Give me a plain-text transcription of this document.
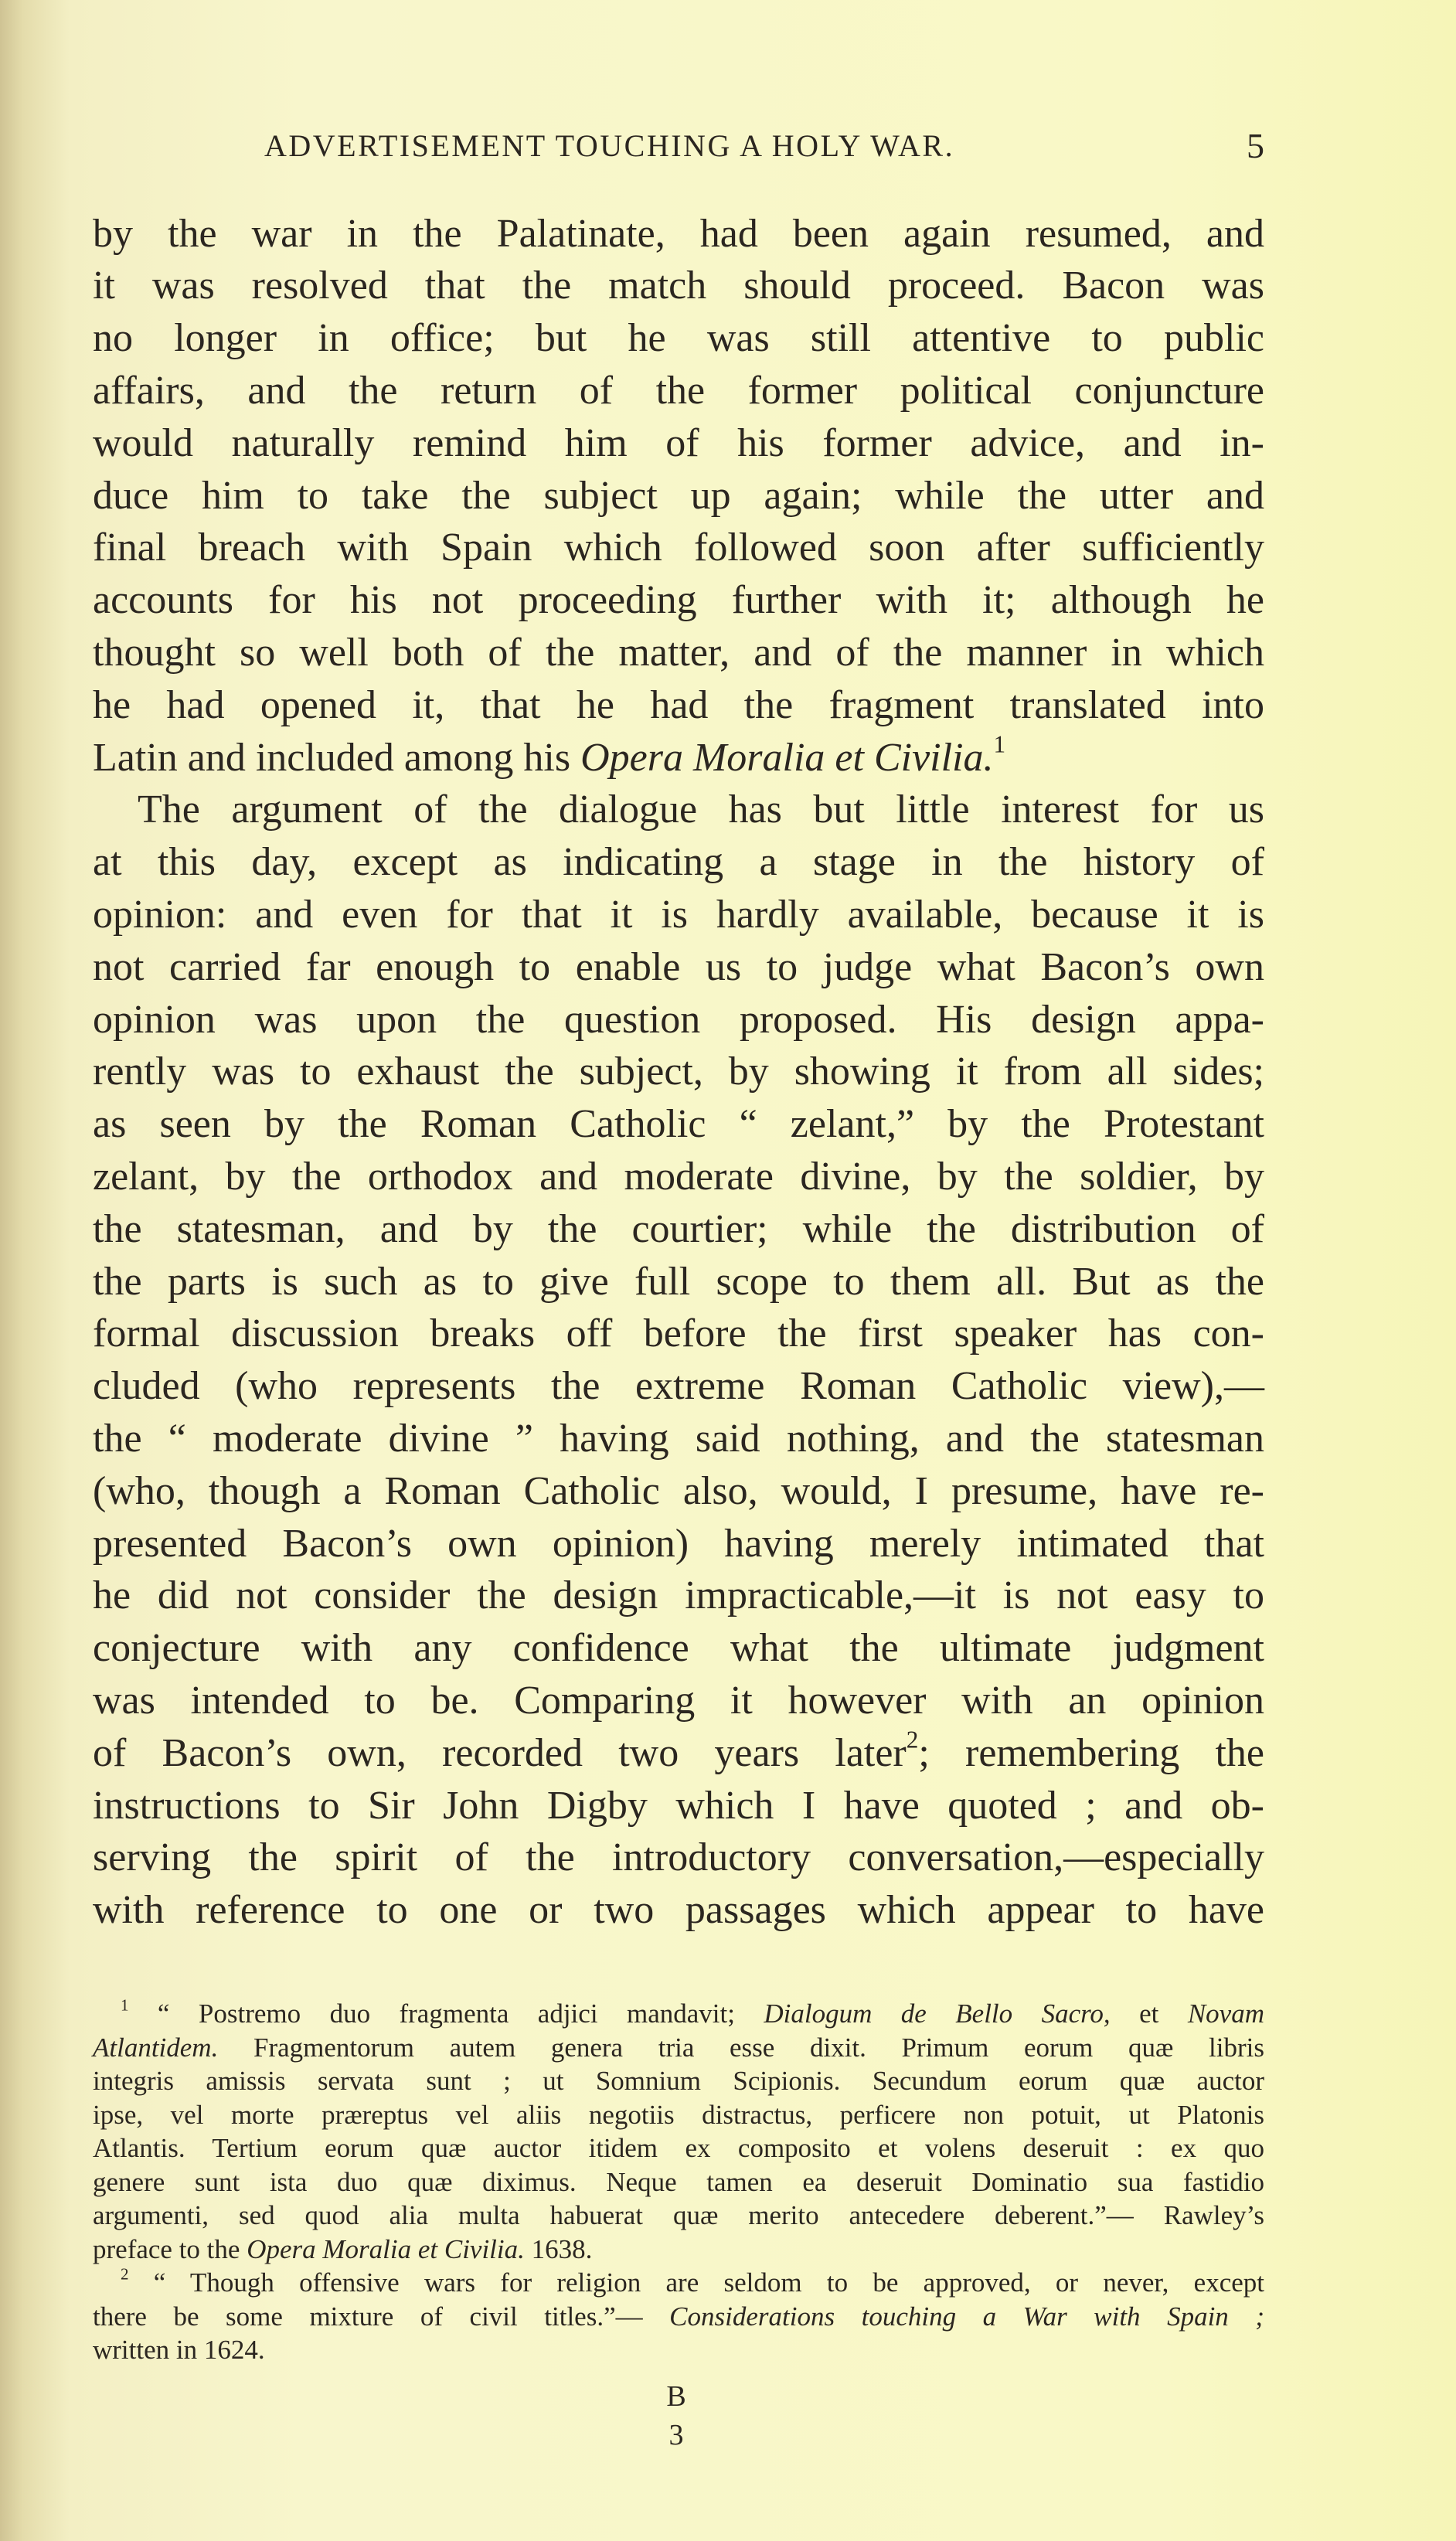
ADVERTISEMENT TOUCHING A HOLY WAR.	5
by the war in the Palatinate, had been again resumed, and
it was resolved that the match should proceed. Bacon was
no longer in office; but he was still attentive to public
affairs, and the return of the former political conjuncture
would naturally remind him of his former advice, and in-
duce him to take the subject up again; while the utter and
final breach with Spain which followed soon after sufficiently
accounts for his not proceeding further with it; although he
thought so well both of the matter, and of the manner in which
he had opened it, that he had the fragment translated into
Latin and included among his Opera Moralia et Civilia.$^1$
The argument of the dialogue has but little interest for us
at this day, except as indicating a stage in the history of
opinion: and even for that it is hardly available, because it is
not carried far enough to enable us to judge what Bacon’s own
opinion was upon the question proposed. His design appa-
rently was to exhaust the subject, by showing it from all sides;
as seen by the Roman Catholic “ zelant,” by the Protestant
zelant, by the orthodox and moderate divine, by the soldier, by
the statesman, and by the courtier; while the distribution of
the parts is such as to give full scope to them all. But as the
formal discussion breaks off before the first speaker has con-
cluded (who represents the extreme Roman Catholic view),—
the “ moderate divine ” having said nothing, and the statesman
(who, though a Roman Catholic also, would, I presume, have re-
presented Bacon’s own opinion) having merely intimated that
he did not consider the design impracticable,—it is not easy to
conjecture with any confidence what the ultimate judgment
was intended to be. Comparing it however with an opinion
of Bacon’s own, recorded two years later$^2$; remembering the
instructions to Sir John Digby which I have quoted ; and ob-
serving the spirit of the introductory conversation,—especially
with reference to one or two passages which appear to have
$^1$ “ Postremo duo fragmenta adjici mandavit; Dialogum de Bello Sacro, et Novam
Atlantidem. Fragmentorum autem genera tria esse dixit. Primum eorum quæ libris
integris amissis servata sunt ; ut Somnium Scipionis. Secundum eorum quæ auctor
ipse, vel morte præreptus vel aliis negotiis distractus, perficere non potuit, ut Platonis
Atlantis. Tertium eorum quæ auctor itidem ex composito et volens deseruit : ex quo
genere sunt ista duo quæ diximus. Neque tamen ea deseruit Dominatio sua fastidio
argumenti, sed quod alia multa habuerat quæ merito antecedere deberent.”— Rawley’s
preface to the Opera Moralia et Civilia. 1638.
$^2$ “ Though offensive wars for religion are seldom to be approved, or never, except
there be some mixture of civil titles.”— Considerations touching a War with Spain ;
written in 1624.
B 3
